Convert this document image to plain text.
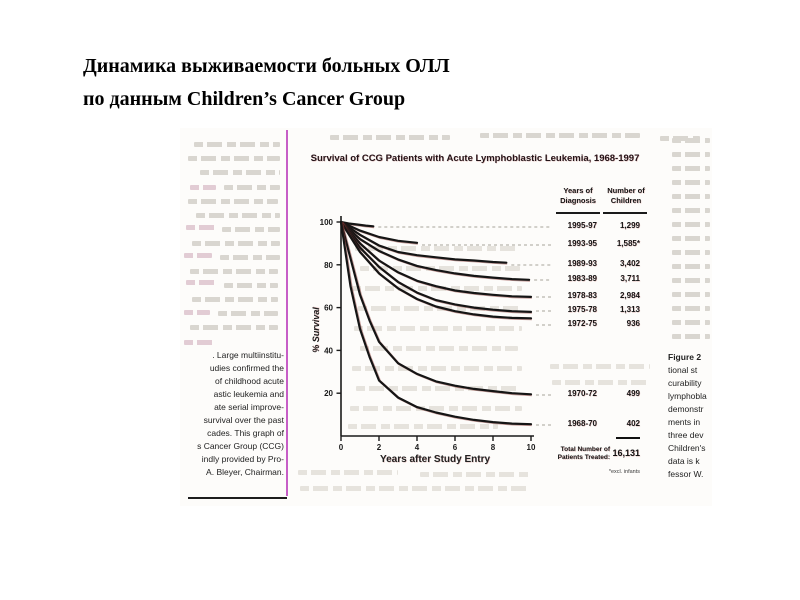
Динамика выживаемости больных ОЛЛ
по данным Children’s Cancer Group
Survival of CCG Patients with Acute Lymphoblastic Leukemia, 1968-1997
20
40
60
80
100
0	2	4	6	8	10
% Survival
Years after Study Entry
Years of
Diagnosis
Number of
Children
1995-97	1,299
1993-95	1,585*
1989-93	3,402
1983-89	3,711
1978-83	2,984
1975-78	1,313
1972-75	936
1970-72	499
1968-70	402
Total Number of
Patients Treated: 16,131
*excl. infants
. Large multiinstitu-
udies confirmed the
of childhood acute
astic leukemia and
ate serial improve-
survival over the past
cades. This graph of
s Cancer Group (CCG)
indly provided by Pro-
A. Bleyer, Chairman.
Figure 2
tional st
curability
lymphobla
demonstr
ments in
three dev
Children's
data is k
fessor W.
